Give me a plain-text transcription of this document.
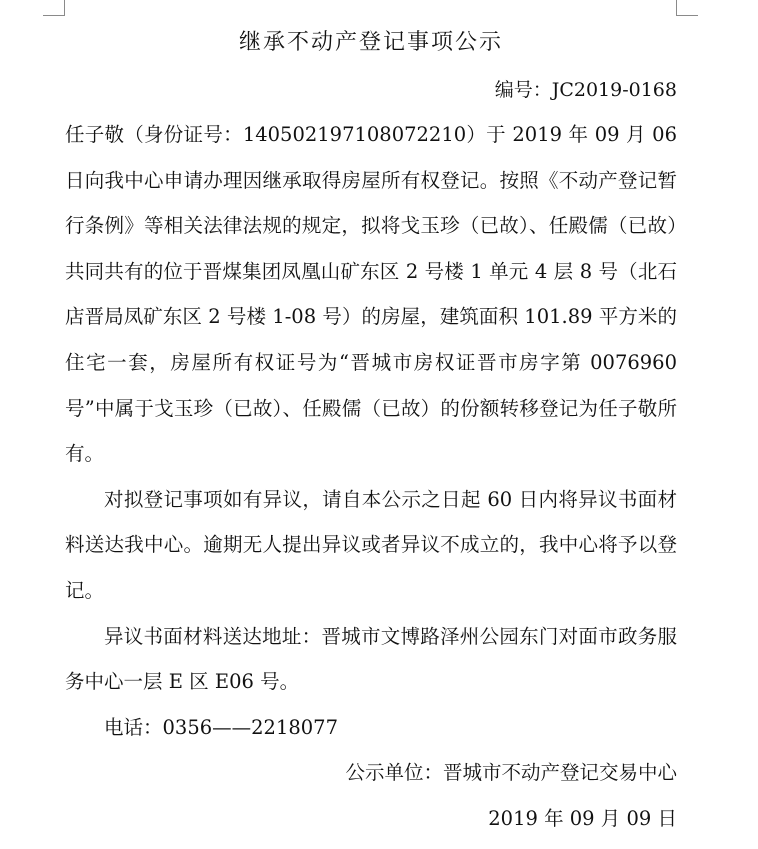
继承不动产登记事项公示
编号：JC2019-0168

任子敬（身份证号：140502197108072210）于 2019 年 09 月 06 日向我中心申请办理因继承取得房屋所有权登记。按照《不动产登记暂行条例》等相关法律法规的规定，拟将戈玉珍（已故）、任殿儒（已故）共同共有的位于晋煤集团凤凰山矿东区 2 号楼 1 单元 4 层 8 号（北石店晋局凤矿东区 2 号楼 1-08 号）的房屋，建筑面积 101.89 平方米的住宅一套，房屋所有权证号为“晋城市房权证晋市房字第 0076960 号”中属于戈玉珍（已故）、任殿儒（已故）的份额转移登记为任子敬所有。

对拟登记事项如有异议，请自本公示之日起 60 日内将异议书面材料送达我中心。逾期无人提出异议或者异议不成立的，我中心将予以登记。

异议书面材料送达地址：晋城市文博路泽州公园东门对面市政务服务中心一层 E 区 E06 号。

电话：0356——2218077
公示单位：晋城市不动产登记交易中心
2019 年 09 月 09 日
